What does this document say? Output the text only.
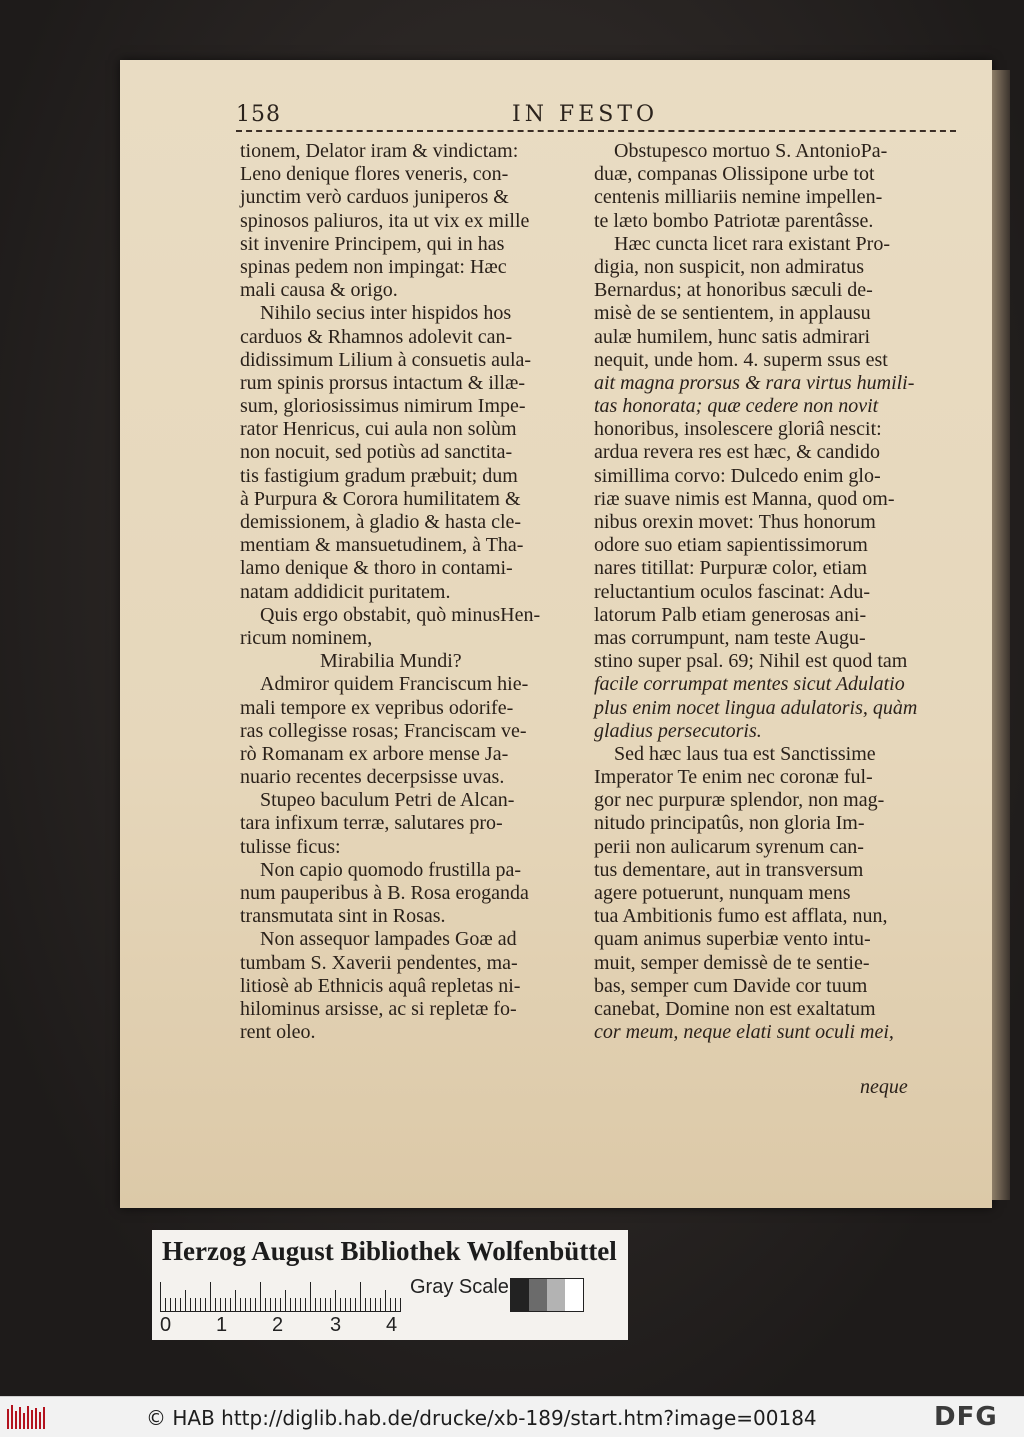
158	IN FESTO
tionem, Delator iram & vindictam:
Leno denique flores veneris, con-
junctim verò carduos juniperos &
spinosos paliuros, ita ut vix ex mille
sit invenire Principem, qui in has
spinas pedem non impingat: Hæc
mali causa & origo.
Nihilo secius inter hispidos hos
carduos & Rhamnos adolevit can-
didissimum Lilium à consuetis aula-
rum spinis prorsus intactum & illæ-
sum, gloriosissimus nimirum Impe-
rator Henricus, cui aula non solùm
non nocuit, sed potiùs ad sanctita-
tis fastigium gradum præbuit; dum
à Purpura & Corora humilitatem &
demissionem, à gladio & hasta cle-
mentiam & mansuetudinem, à Tha-
lamo denique & thoro in contami-
natam addidicit puritatem.
Quis ergo obstabit, quò minusHen-
ricum nominem,
Mirabilia Mundi?
Admiror quidem Franciscum hie-
mali tempore ex vepribus odorife-
ras collegisse rosas; Franciscam ve-
rò Romanam ex arbore mense Ja-
nuario recentes decerpsisse uvas.
Stupeo baculum Petri de Alcan-
tara infixum terræ, salutares pro-
tulisse ficus:
Non capio quomodo frustilla pa-
num pauperibus à B. Rosa eroganda
transmutata sint in Rosas.
Non assequor lampades Goæ ad
tumbam S. Xaverii pendentes, ma-
litiosè ab Ethnicis aquâ repletas ni-
hilominus arsisse, ac si repletæ fo-
rent oleo.
Obstupesco mortuo S. AntonioPa-
duæ, companas Olissipone urbe tot
centenis milliariis nemine impellen-
te læto bombo Patriotæ parentâsse.
Hæc cuncta licet rara existant Pro-
digia, non suspicit, non admiratus
Bernardus; at honoribus sæculi de-
misè de se sentientem, in applausu
aulæ humilem, hunc satis admirari
nequit, unde hom. 4. superm ssus est
ait magna prorsus & rara virtus humili-
tas honorata; quæ cedere non novit
honoribus, insolescere gloriâ nescit:
ardua revera res est hæc, & candido
simillima corvo: Dulcedo enim glo-
riæ suave nimis est Manna, quod om-
nibus orexin movet: Thus honorum
odore suo etiam sapientissimorum
nares titillat: Purpuræ color, etiam
reluctantium oculos fascinat: Adu-
latorum Palb etiam generosas ani-
mas corrumpunt, nam teste Augu-
stino super psal. 69; Nihil est quod tam
facile corrumpat mentes sicut Adulatio
plus enim nocet lingua adulatoris, quàm
gladius persecutoris.
Sed hæc laus tua est Sanctissime
Imperator Te enim nec coronæ ful-
gor nec purpuræ splendor, non mag-
nitudo principatûs, non gloria Im-
perii non aulicarum syrenum can-
tus dementare, aut in transversum
agere potuerunt, nunquam mens
tua Ambitionis fumo est afflata, nun,
quam animus superbiæ vento intu-
muit, semper demissè de te sentie-
bas, semper cum Davide cor tuum
canebat, Domine non est exaltatum
cor meum, neque elati sunt oculi mei,
neque
Herzog August Bibliothek Wolfenbüttel
0 1 2 3 4
Gray Scale
© HAB http://diglib.hab.de/drucke/xb-189/start.htm?image=00184	DFG
